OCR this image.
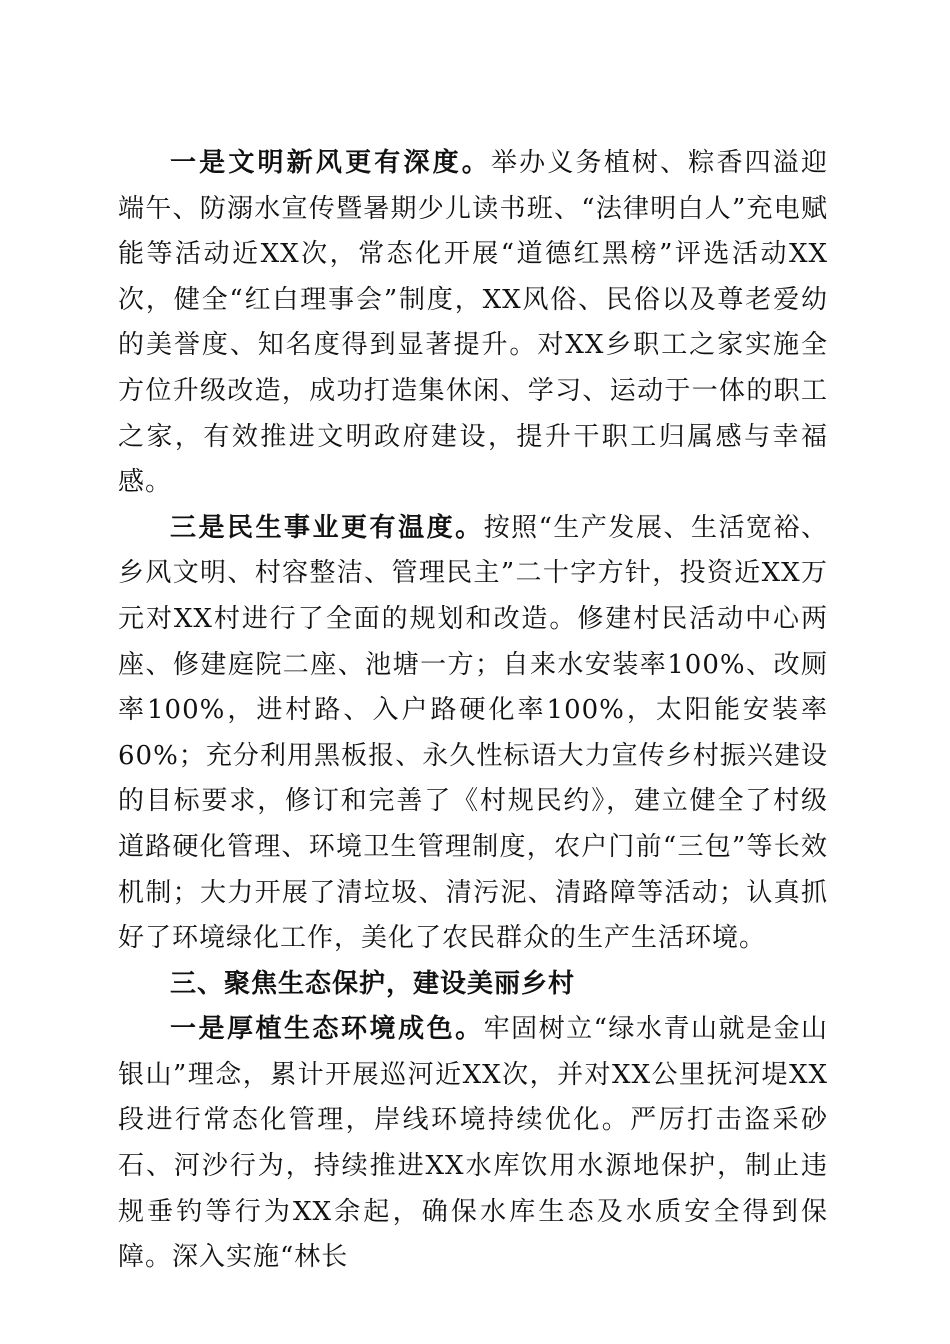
一是文明新风更有深度。举办义务植树、粽香四溢迎端午、防溺水宣传暨暑期少儿读书班、“法律明白人”充电赋能等活动近XX次，常态化开展“道德红黑榜”评选活动XX次，健全“红白理事会”制度，XX风俗、民俗以及尊老爱幼的美誉度、知名度得到显著提升。对XX乡职工之家实施全方位升级改造，成功打造集休闲、学习、运动于一体的职工之家，有效推进文明政府建设，提升干职工归属感与幸福感。

三是民生事业更有温度。按照“生产发展、生活宽裕、乡风文明、村容整洁、管理民主”二十字方针，投资近XX万元对XX村进行了全面的规划和改造。修建村民活动中心两座、修建庭院二座、池塘一方；自来水安装率100%、改厕率100%，进村路、入户路硬化率100%，太阳能安装率60%；充分利用黑板报、永久性标语大力宣传乡村振兴建设的目标要求，修订和完善了《村规民约》，建立健全了村级道路硬化管理、环境卫生管理制度，农户门前“三包”等长效机制；大力开展了清垃圾、清污泥、清路障等活动；认真抓好了环境绿化工作，美化了农民群众的生产生活环境。

三、聚焦生态保护，建设美丽乡村

一是厚植生态环境成色。牢固树立“绿水青山就是金山银山”理念，累计开展巡河近XX次，并对XX公里抚河堤XX段进行常态化管理，岸线环境持续优化。严厉打击盗采砂石、河沙行为，持续推进XX水库饮用水源地保护，制止违规垂钓等行为XX余起，确保水库生态及水质安全得到保障。深入实施“林长
